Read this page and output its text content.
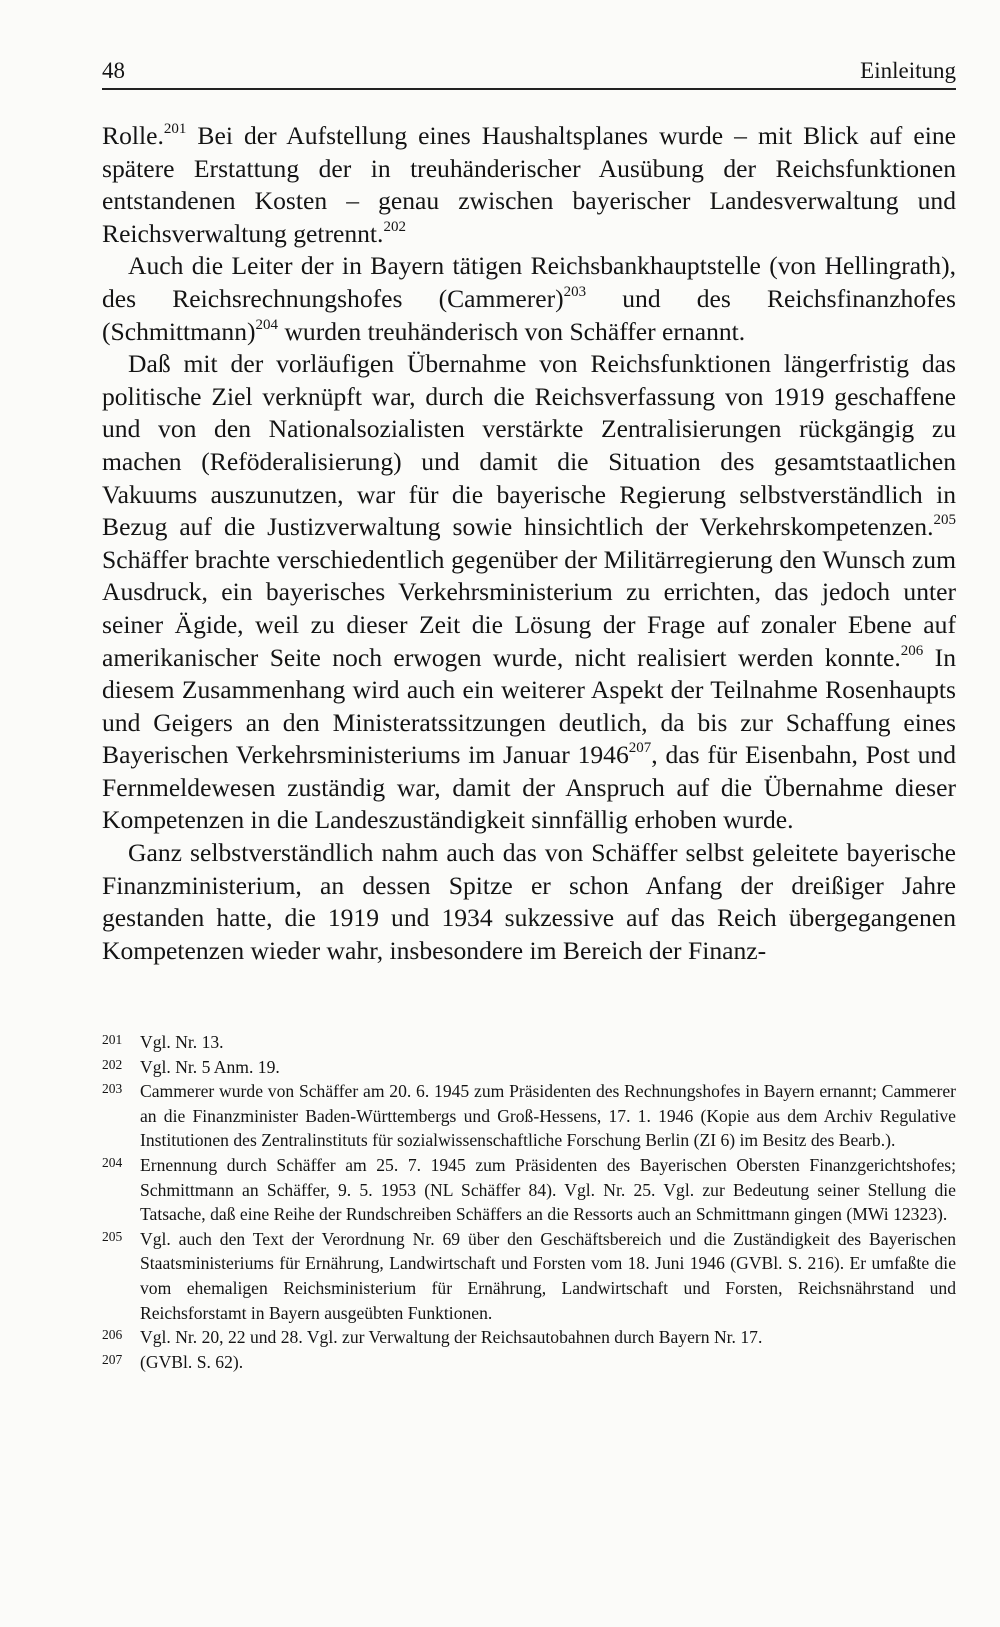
48	Einleitung

Rolle.$^{201}$ Bei der Aufstellung eines Haushaltsplanes wurde – mit Blick auf eine spätere Erstattung der in treuhänderischer Ausübung der Reichsfunktionen entstandenen Kosten – genau zwischen bayerischer Landesverwaltung und Reichsverwaltung getrennt.$^{202}$

Auch die Leiter der in Bayern tätigen Reichsbankhauptstelle (von Hellingrath), des Reichsrechnungshofes (Cammerer)$^{203}$ und des Reichsfinanzhofes (Schmittmann)$^{204}$ wurden treuhänderisch von Schäffer ernannt.

Daß mit der vorläufigen Übernahme von Reichsfunktionen längerfristig das politische Ziel verknüpft war, durch die Reichsverfassung von 1919 geschaffene und von den Nationalsozialisten verstärkte Zentralisierungen rückgängig zu machen (Reföderalisierung) und damit die Situation des gesamtstaatlichen Vakuums auszunutzen, war für die bayerische Regierung selbstverständlich in Bezug auf die Justizverwaltung sowie hinsichtlich der Verkehrskompetenzen.$^{205}$ Schäffer brachte verschiedentlich gegenüber der Militärregierung den Wunsch zum Ausdruck, ein bayerisches Verkehrsministerium zu errichten, das jedoch unter seiner Ägide, weil zu dieser Zeit die Lösung der Frage auf zonaler Ebene auf amerikanischer Seite noch erwogen wurde, nicht realisiert werden konnte.$^{206}$ In diesem Zusammenhang wird auch ein weiterer Aspekt der Teilnahme Rosenhaupts und Geigers an den Ministeratssitzungen deutlich, da bis zur Schaffung eines Bayerischen Verkehrsministeriums im Januar 1946$^{207}$, das für Eisenbahn, Post und Fernmeldewesen zuständig war, damit der Anspruch auf die Übernahme dieser Kompetenzen in die Landeszuständigkeit sinnfällig erhoben wurde.

Ganz selbstverständlich nahm auch das von Schäffer selbst geleitete bayerische Finanzministerium, an dessen Spitze er schon Anfang der dreißiger Jahre gestanden hatte, die 1919 und 1934 sukzessive auf das Reich übergegangenen Kompetenzen wieder wahr, insbesondere im Bereich der Finanz-

201 Vgl. Nr. 13.

202 Vgl. Nr. 5 Anm. 19.

203 Cammerer wurde von Schäffer am 20. 6. 1945 zum Präsidenten des Rechnungshofes in Bayern ernannt; Cammerer an die Finanzminister Baden-Württembergs und Groß-Hessens, 17. 1. 1946 (Kopie aus dem Archiv Regulative Institutionen des Zentralinstituts für sozialwissenschaftliche Forschung Berlin (ZI 6) im Besitz des Bearb.).

204 Ernennung durch Schäffer am 25. 7. 1945 zum Präsidenten des Bayerischen Obersten Finanzgerichtshofes; Schmittmann an Schäffer, 9. 5. 1953 (NL Schäffer 84). Vgl. Nr. 25. Vgl. zur Bedeutung seiner Stellung die Tatsache, daß eine Reihe der Rundschreiben Schäffers an die Ressorts auch an Schmittmann gingen (MWi 12323).

205 Vgl. auch den Text der Verordnung Nr. 69 über den Geschäftsbereich und die Zuständigkeit des Bayerischen Staatsministeriums für Ernährung, Landwirtschaft und Forsten vom 18. Juni 1946 (GVBl. S. 216). Er umfaßte die vom ehemaligen Reichsministerium für Ernährung, Landwirtschaft und Forsten, Reichsnährstand und Reichsforstamt in Bayern ausgeübten Funktionen.

206 Vgl. Nr. 20, 22 und 28. Vgl. zur Verwaltung der Reichsautobahnen durch Bayern Nr. 17.

207 (GVBl. S. 62).
